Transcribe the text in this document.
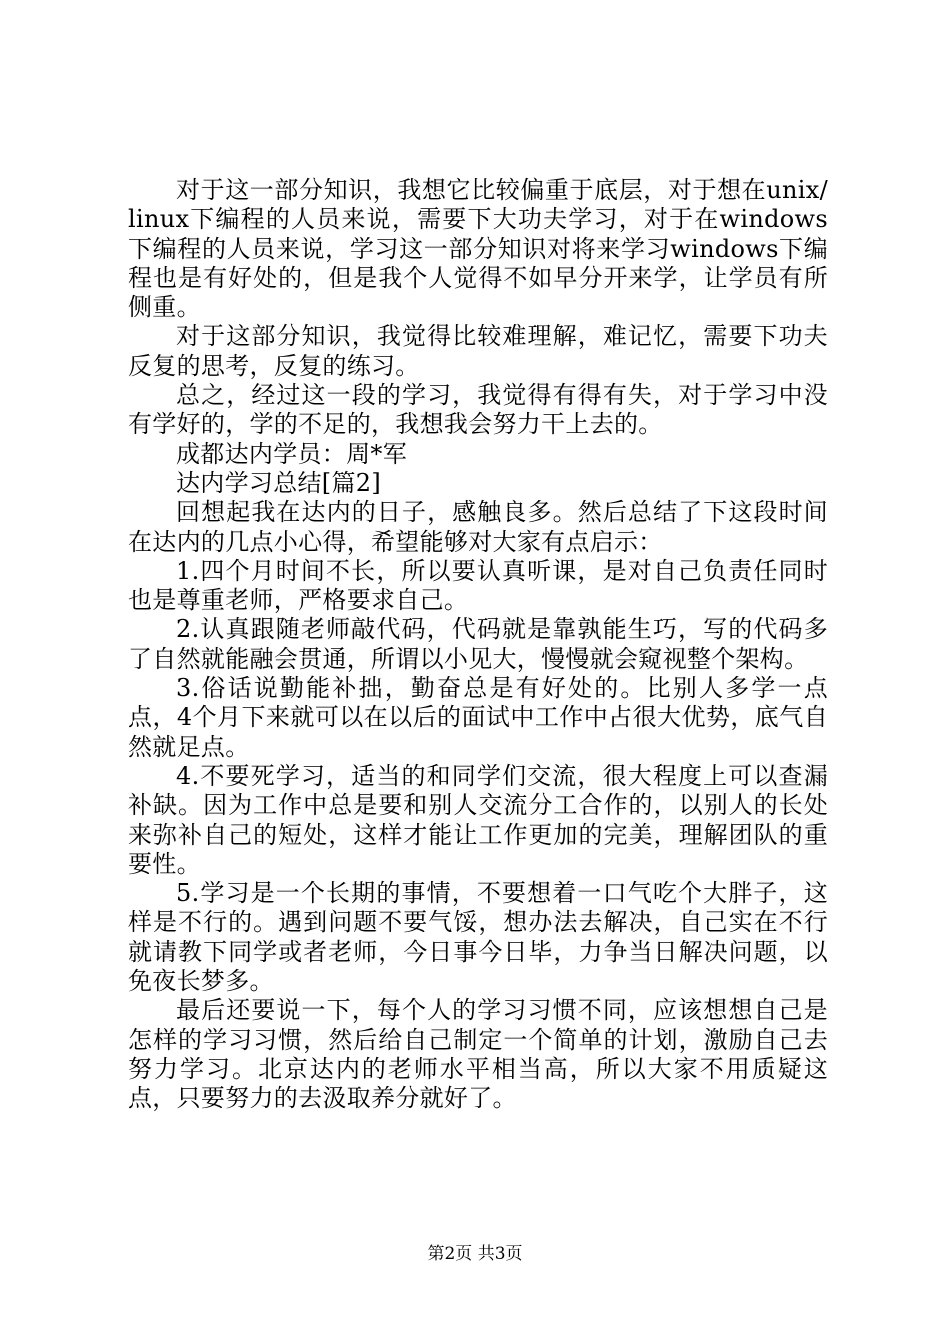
对于这一部分知识，我想它比较偏重于底层，对于想在unix/linux下编程的人员来说，需要下大功夫学习，对于在windows下编程的人员来说，学习这一部分知识对将来学习windows下编程也是有好处的，但是我个人觉得不如早分开来学，让学员有所侧重。

对于这部分知识，我觉得比较难理解，难记忆，需要下功夫反复的思考，反复的练习。

总之，经过这一段的学习，我觉得有得有失，对于学习中没有学好的，学的不足的，我想我会努力干上去的。

成都达内学员：周*军

达内学习总结[篇2]

回想起我在达内的日子，感触良多。然后总结了下这段时间在达内的几点小心得，希望能够对大家有点启示：

1.四个月时间不长，所以要认真听课，是对自己负责任同时也是尊重老师，严格要求自己。

2.认真跟随老师敲代码，代码就是靠孰能生巧，写的代码多了自然就能融会贯通，所谓以小见大，慢慢就会窥视整个架构。

3.俗话说勤能补拙，勤奋总是有好处的。比别人多学一点点，4个月下来就可以在以后的面试中工作中占很大优势，底气自然就足点。

4.不要死学习，适当的和同学们交流，很大程度上可以查漏补缺。因为工作中总是要和别人交流分工合作的，以别人的长处来弥补自己的短处，这样才能让工作更加的完美，理解团队的重要性。

5.学习是一个长期的事情，不要想着一口气吃个大胖子，这样是不行的。遇到问题不要气馁，想办法去解决，自己实在不行就请教下同学或者老师，今日事今日毕，力争当日解决问题，以免夜长梦多。

最后还要说一下，每个人的学习习惯不同，应该想想自己是怎样的学习习惯，然后给自己制定一个简单的计划，激励自己去努力学习。北京达内的老师水平相当高，所以大家不用质疑这点，只要努力的去汲取养分就好了。

第2页 共3页
